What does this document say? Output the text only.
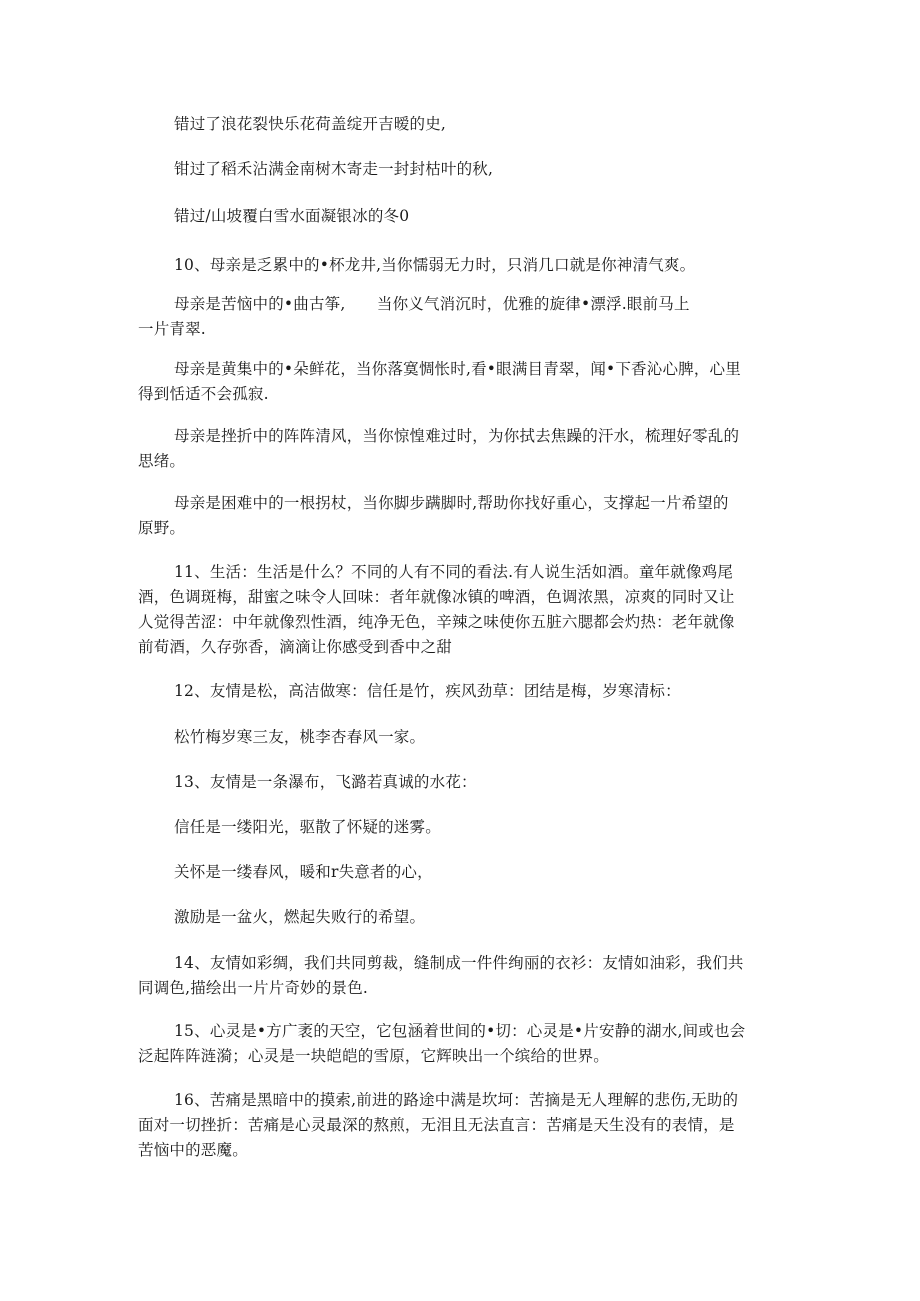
错过了浪花裂快乐花荷盖绽开吉暧的史,
钳过了稻禾沾满金南树木寄走一封封枯叶的秋,
错过/山坡覆白雪水面凝银冰的冬0
10、母亲是乏累中的•杯龙井,当你懦弱无力时，只消几口就是你神清气爽。
母亲是苦恼中的•曲古筝,　　当你义气消沉时，优雅的旋律•漂浮.眼前马上
一片青翠.
母亲是黄集中的•朵鲜花，当你落寞惆怅时,看•眼满目青翠，闻•下香沁心脾，心里
得到恬适不会孤寂.
母亲是挫折中的阵阵清风，当你惊惶难过时，为你拭去焦躁的汗水，梳理好零乱的
思绪。
母亲是困难中的一根拐杖，当你脚步蹒脚时,帮助你找好重心，支撑起一片希望的
原野。
11、生活：生活是什么？不同的人有不同的看法.有人说生活如酒。童年就像鸡尾
酒，色调斑梅，甜蜜之味令人回味：者年就像冰镇的啤酒，色调浓黑，凉爽的同时又让
人觉得苦涩：中年就像烈性酒，纯净无色，辛辣之味使你五脏六腮都会灼热：老年就像
前荀酒，久存弥香，滴滴让你感受到香中之甜
12、友情是松，高洁做寒：信任是竹，疾风劲草：团结是梅，岁寒清标：
松竹梅岁寒三友，桃李杏春风一家。
13、友情是一条瀑布，飞潞若真诚的水花：
信任是一缕阳光，驱散了怀疑的迷雾。
关怀是一缕春风，暖和r失意者的心，
激励是一盆火，燃起失败行的希望。
14、友情如彩绸，我们共同剪裁，缝制成一件件绚丽的衣衫：友情如油彩，我们共
同调色,描绘出一片片奇妙的景色.
15、心灵是•方广袤的天空，它包涵着世间的•切：心灵是•片安静的湖水,间或也会
泛起阵阵涟漪；心灵是一块皑皑的雪原，它辉映出一个缤给的世界。
16、苦痛是黑暗中的摸索,前进的路途中满是坎坷：苦摘是无人理解的悲伤,无助的
面对一切挫折：苦痛是心灵最深的熬煎，无泪且无法直言：苦痛是天生没有的表情，是
苦恼中的恶魔。
